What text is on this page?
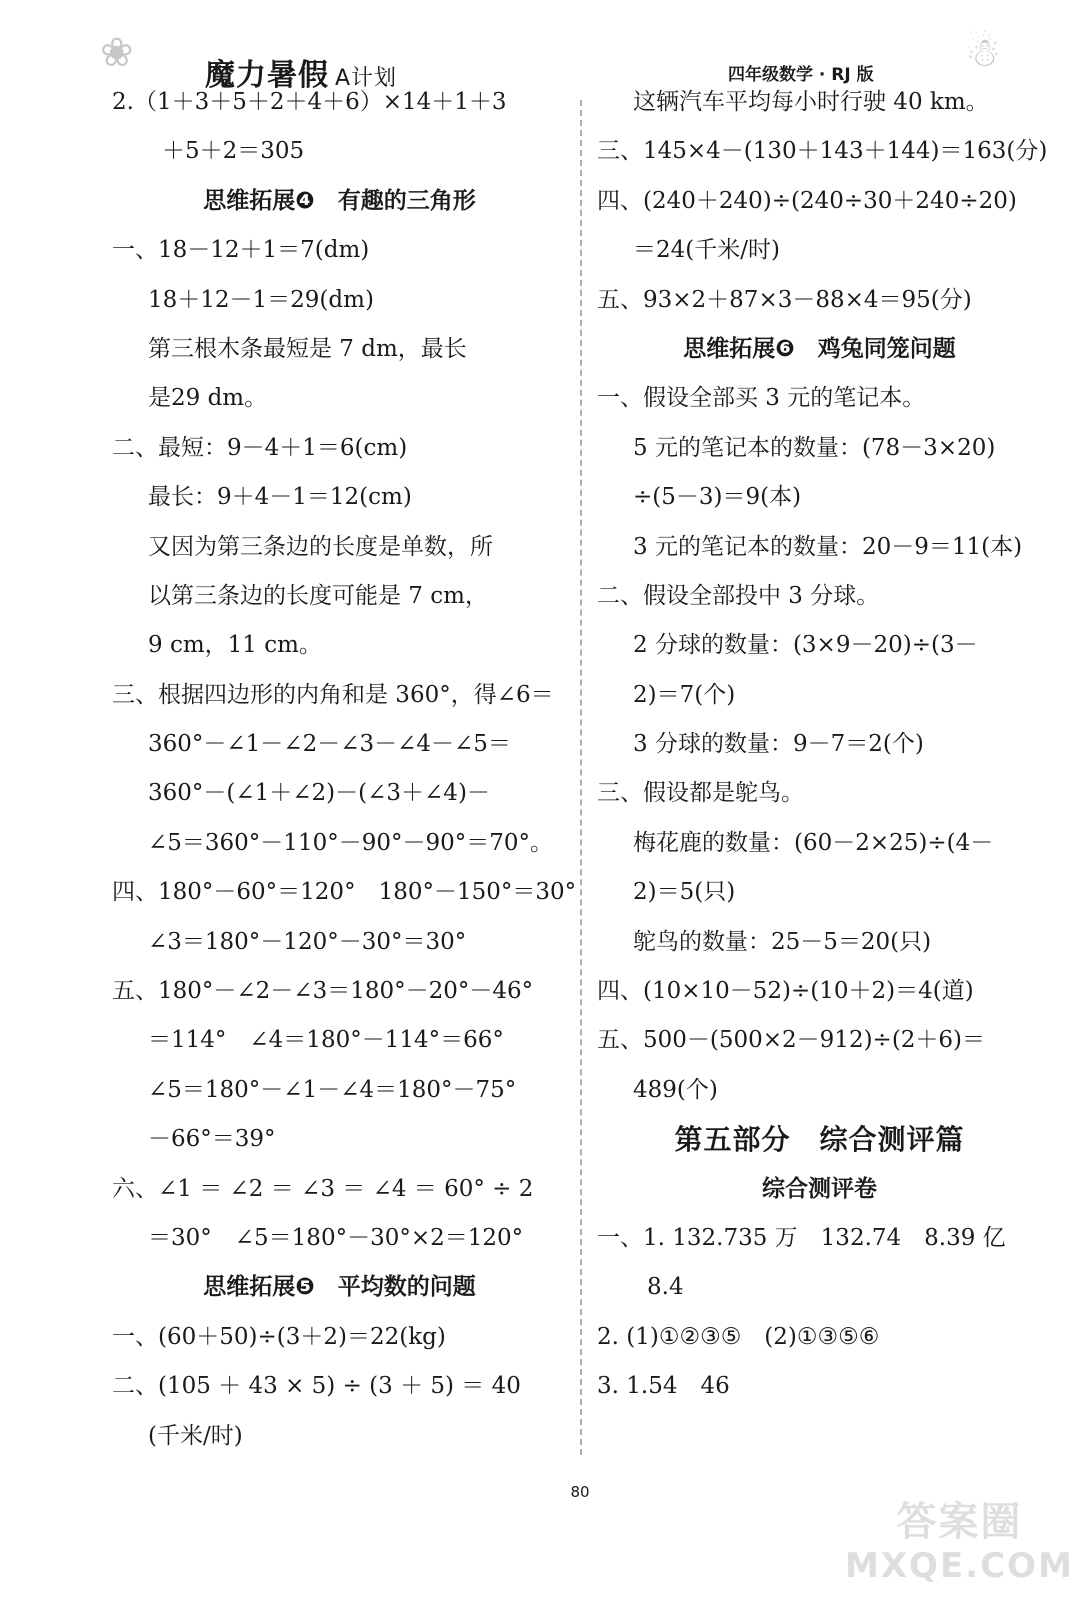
❀	☃
魔力暑假 A计划	四年级数学 · RJ 版
2.（1＋3＋5＋2＋4＋6）×14＋1＋3
＋5＋2＝305
思维拓展❹　有趣的三角形
一、18－12＋1＝7(dm)
18＋12－1＝29(dm)
第三根木条最短是 7 dm，最长
是29 dm。
二、最短：9－4＋1＝6(cm)
最长：9＋4－1＝12(cm)
又因为第三条边的长度是单数，所
以第三条边的长度可能是 7 cm，
9 cm，11 cm。
三、根据四边形的内角和是 360°，得∠6＝
360°－∠1－∠2－∠3－∠4－∠5＝
360°－(∠1＋∠2)－(∠3＋∠4)－
∠5＝360°－110°－90°－90°＝70°。
四、180°－60°＝120°　180°－150°＝30°
∠3＝180°－120°－30°＝30°
五、180°－∠2－∠3＝180°－20°－46°
＝114°　∠4＝180°－114°＝66°
∠5＝180°－∠1－∠4＝180°－75°
－66°＝39°
六、∠1 ＝ ∠2 ＝ ∠3 ＝ ∠4 ＝ 60° ÷ 2
＝30°　∠5＝180°－30°×2＝120°
思维拓展❺　平均数的问题
一、(60＋50)÷(3＋2)＝22(kg)
二、(105 ＋ 43 × 5) ÷ (3 ＋ 5) ＝ 40
(千米/时)
这辆汽车平均每小时行驶 40 km。
三、145×4－(130＋143＋144)＝163(分)
四、(240＋240)÷(240÷30＋240÷20)
＝24(千米/时)
五、93×2＋87×3－88×4＝95(分)
思维拓展❻　鸡兔同笼问题
一、假设全部买 3 元的笔记本。
5 元的笔记本的数量：(78－3×20)
÷(5－3)＝9(本)
3 元的笔记本的数量：20－9＝11(本)
二、假设全部投中 3 分球。
2 分球的数量：(3×9－20)÷(3－
2)＝7(个)
3 分球的数量：9－7＝2(个)
三、假设都是鸵鸟。
梅花鹿的数量：(60－2×25)÷(4－
2)＝5(只)
鸵鸟的数量：25－5＝20(只)
四、(10×10－52)÷(10＋2)＝4(道)
五、500－(500×2－912)÷(2＋6)＝
489(个)
第五部分　综合测评篇
综合测评卷
一、1. 132.735 万　132.74　8.39 亿
8.4
2. (1)①②③⑤　(2)①③⑤⑥
3. 1.54　46
80
答案圈
MXQE.COM
